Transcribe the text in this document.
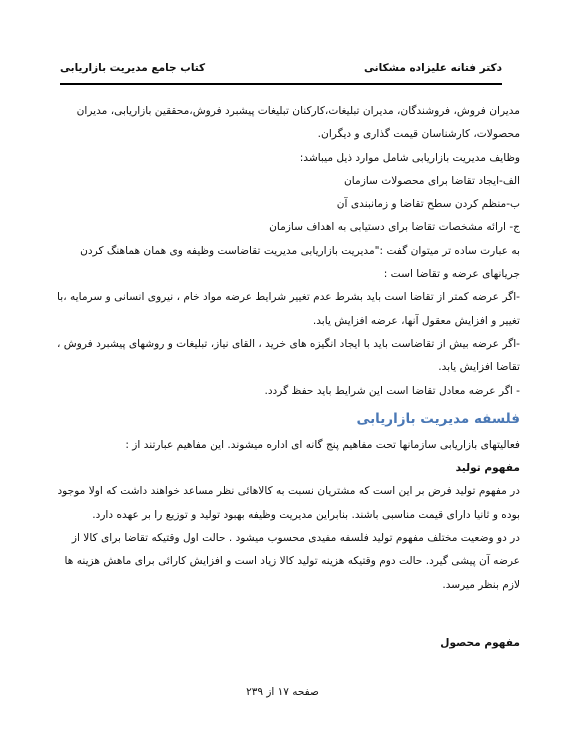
دکتر فتانه علیزاده مشکانی
کتاب جامع مدیریت بازاریابی

مدیران فروش، فروشندگان، مدیران تبلیغات،کارکنان تبلیغات پیشبرد فروش،محققین بازاریابی، مدیران محصولات، کارشناسان قیمت گذاری و دیگران.

وظایف مدیریت بازاریابی شامل موارد ذیل میباشد:

الف-ایجاد تقاضا برای محصولات سازمان

ب-منظم کردن سطح تقاضا و زمانبندی آن

ج- ارائه مشخصات تقاضا برای دستیابی به اهداف سازمان

به عبارت ساده تر میتوان گفت :"مدیریت بازاریابی مدیریت تقاضاست وظیفه وی همان هماهنگ کردن جریانهای عرضه و تقاضا است :

-اگر عرضه کمتر از تقاضا است باید بشرط عدم تغییر شرایط عرضه مواد خام ، نیروی انسانی و سرمایه ،با تغییر و افزایش معقول آنها، عرضه افزایش یابد.

-اگر عرضه بیش از تقاضاست باید با ایجاد انگیزه های خرید ، القای نیاز، تبلیغات و روشهای پیشبرد فروش ، تقاضا افزایش یابد.

- اگر عرضه معادل تقاضا است این شرایط باید حفظ گردد.

فلسفه مدیریت بازاریابی

فعالیتهای بازاریابی سازمانها تحت مفاهیم پنج گانه ای اداره میشوند. این مفاهیم عبارتند از :

مفهوم تولید

در مفهوم تولید فرض بر این است که مشتریان نسبت به کالاهائی نظر مساعد خواهند داشت که اولا موجود بوده و ثانیا دارای قیمت مناسبی باشند. بنابراین مدیریت وظیفه بهبود تولید و توزیع را بر عهده دارد.

در دو وضعیت مختلف مفهوم تولید فلسفه مفیدی محسوب میشود . حالت اول وقتیکه تقاضا برای کالا از عرضه آن پیشی گیرد. حالت دوم وقتیکه هزینه تولید کالا زیاد است و افزایش کارائی برای ماهش هزینه ها لازم بنظر میرسد.

مفهوم محصول

صفحه ۱۷ از ۲۳۹
